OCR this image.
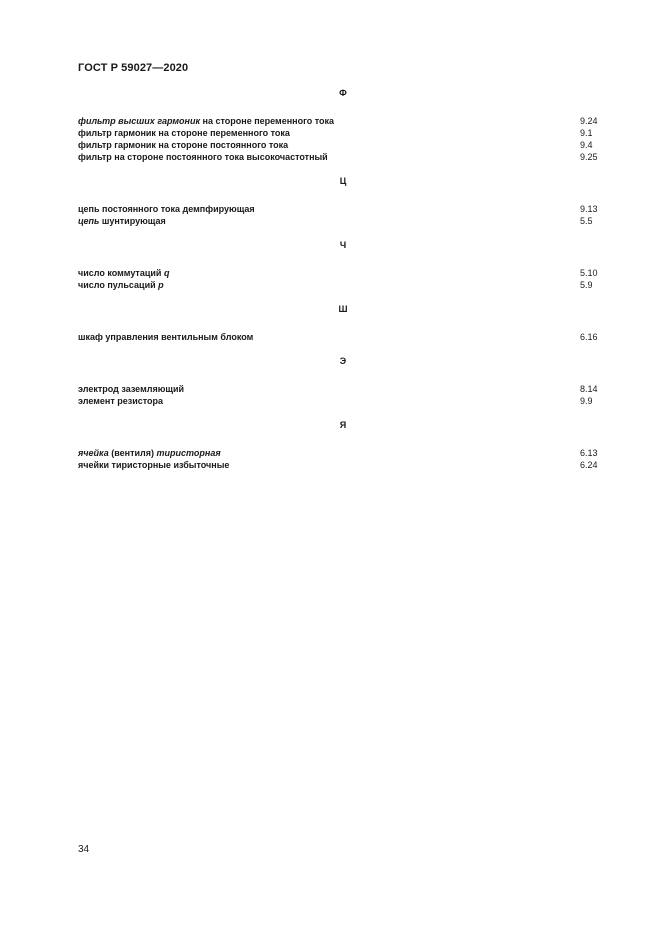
ГОСТ Р 59027—2020
Ф
фильтр высших гармоник на стороне переменного тока	9.24
фильтр гармоник на стороне переменного тока	9.1
фильтр гармоник на стороне постоянного тока	9.4
фильтр на стороне постоянного тока высокочастотный	9.25
Ц
цепь постоянного тока демпфирующая	9.13
цепь шунтирующая	5.5
Ч
число коммутаций q	5.10
число пульсаций p	5.9
Ш
шкаф управления вентильным блоком	6.16
Э
электрод заземляющий	8.14
элемент резистора	9.9
Я
ячейка (вентиля) тиристорная	6.13
ячейки тиристорные избыточные	6.24
34
